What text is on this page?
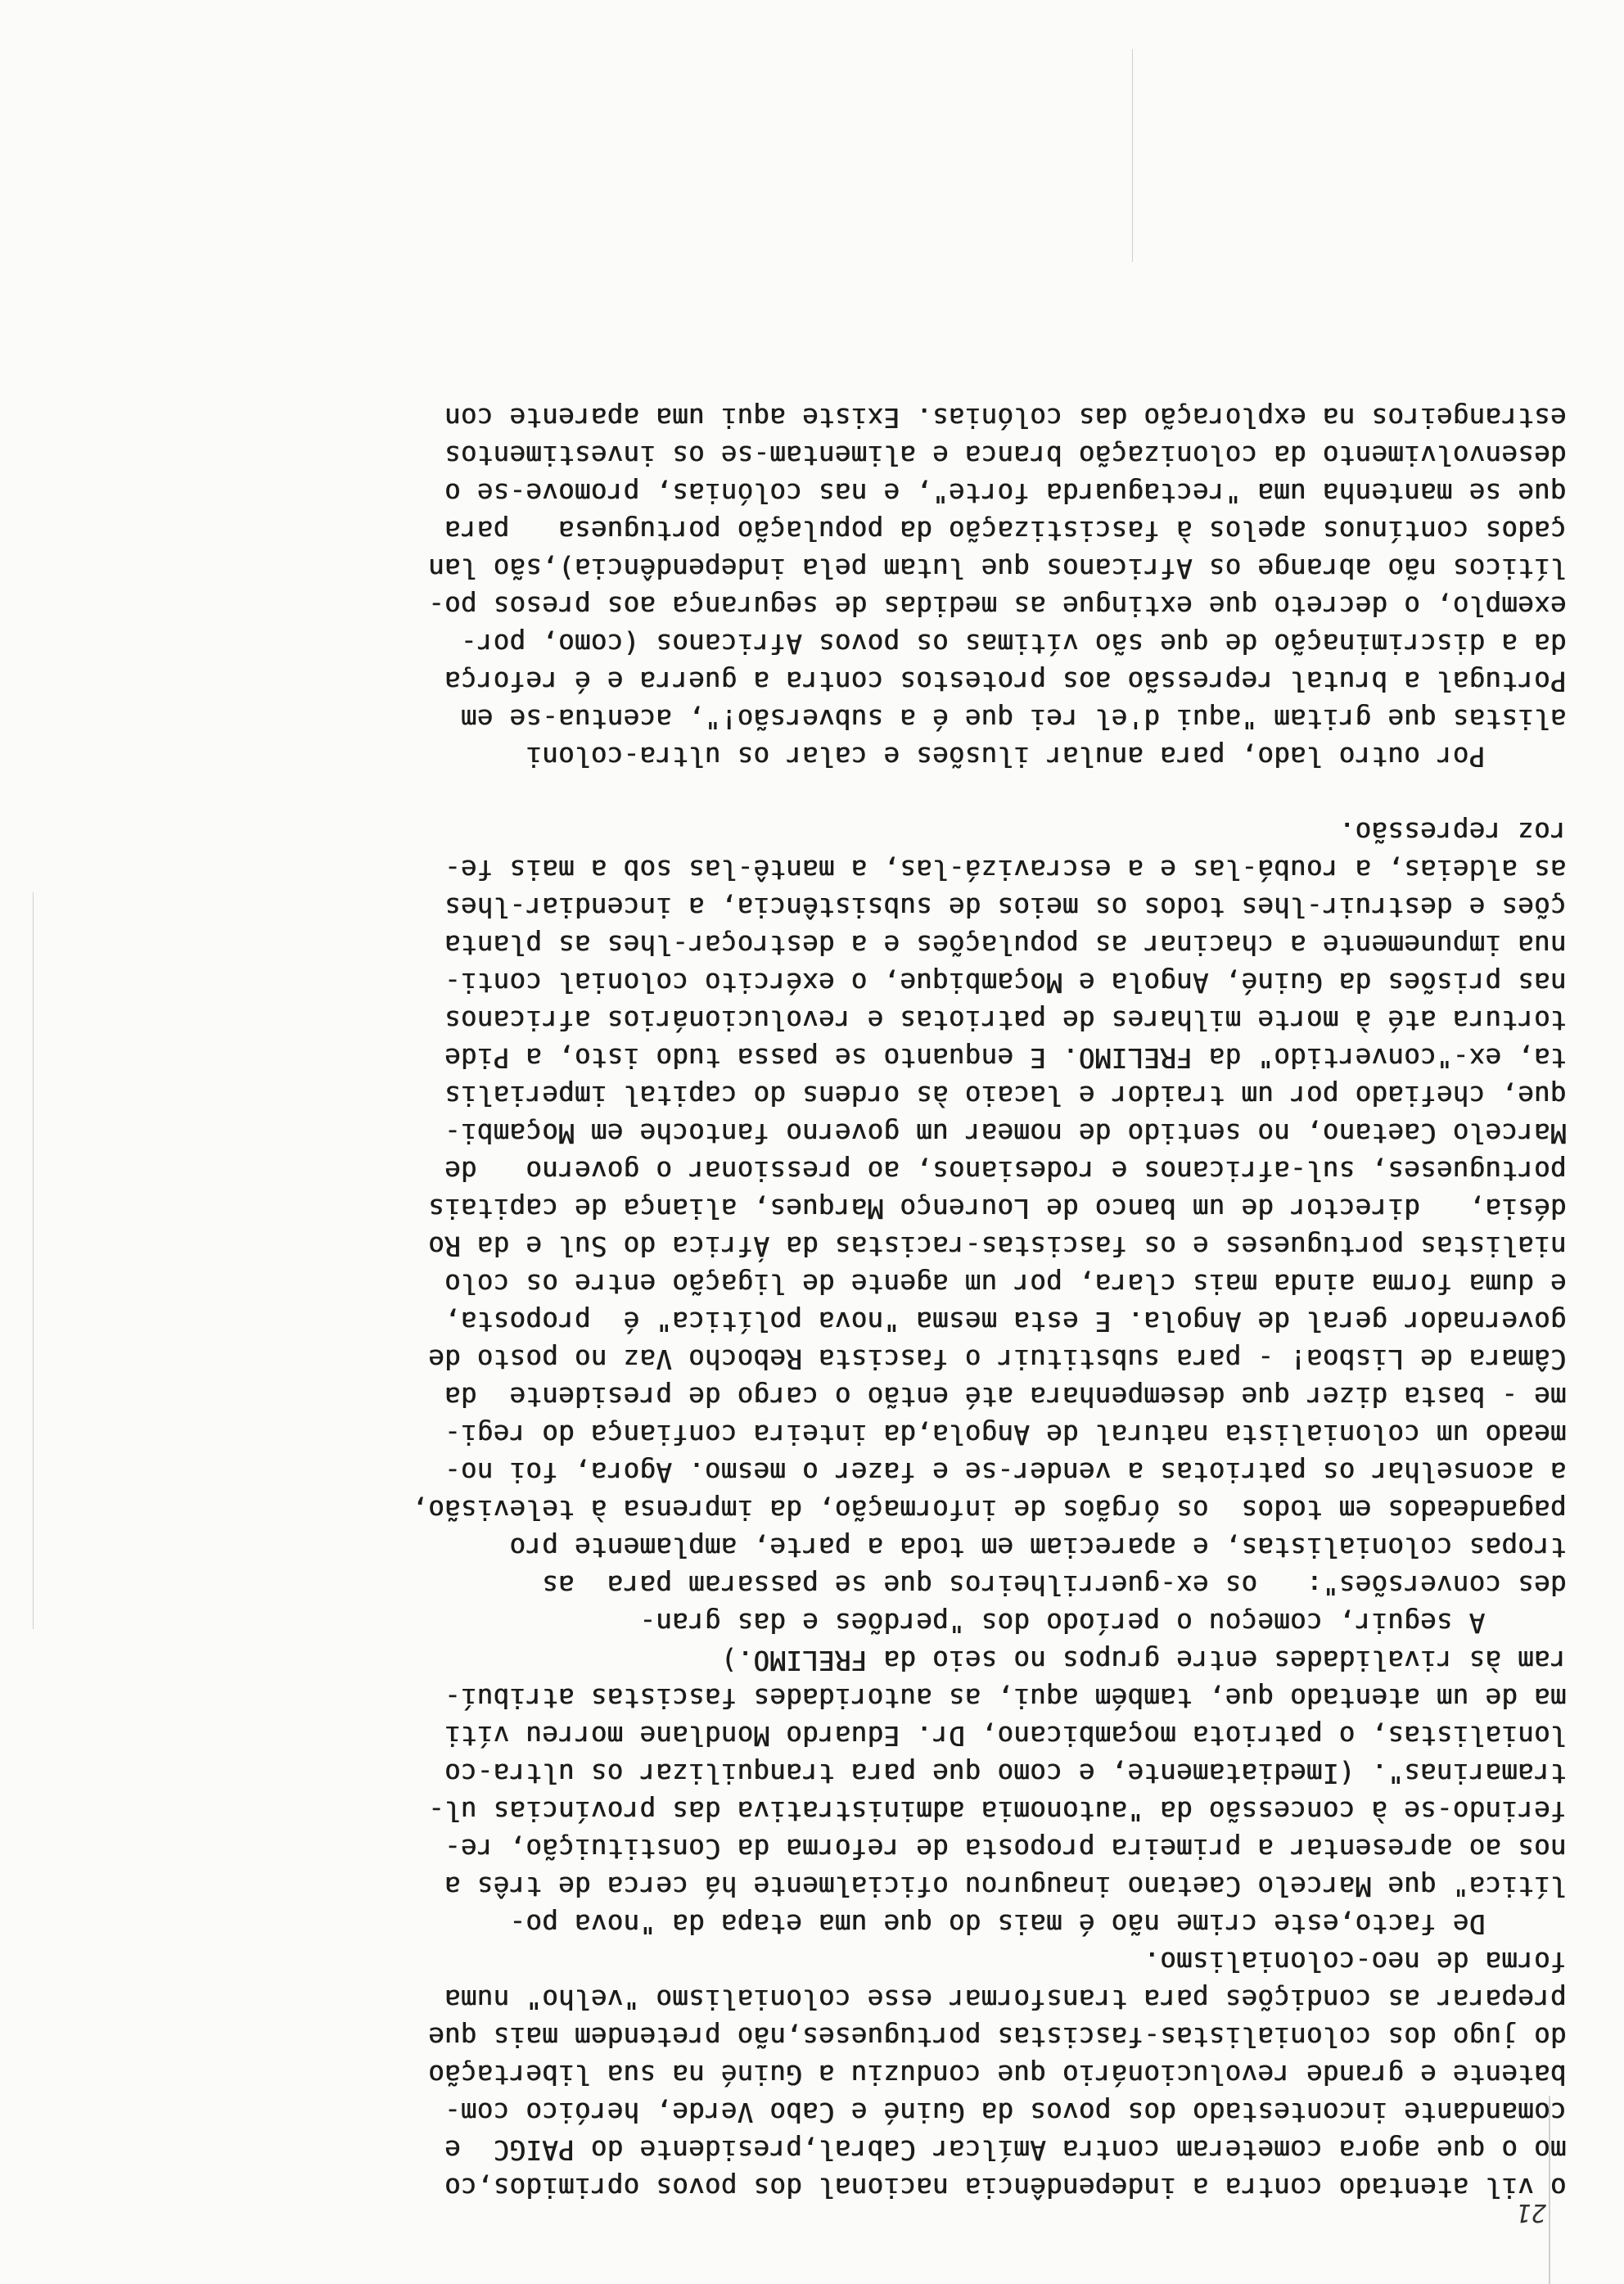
21
o vil atentado contra a independência nacional dos povos oprimidos,co
mo o que agora cometeram contra Amílcar Cabral,presidente do PAIGC  e
comandante incontestado dos povos da Guiné e Cabo Verde, heróico com-
batente e grande revolucionário que conduziu a Guiné na sua libertação
do jugo dos colonialistas-fascistas portugueses,não pretendem mais que
preparar as condições para transformar esse colonialismo "velho" numa
forma de neo-colonialismo.
De facto,este crime não é mais do que uma etapa da "nova po-
lítica" que Marcelo Caetano inaugurou oficialmente há cerca de três a
nos ao apresentar a primeira proposta de reforma da Constituição, re-
ferindo-se à concessão da "autonomia administrativa das províncias ul-
tramarinas". (Imediatamente, e como que para tranquilizar os ultra-co
lonialistas, o patriota moçambicano, Dr. Eduardo Mondlane morreu víti
ma de um atentado que, também aqui, as autoridades fascistas atribuí-
ram às rivalidades entre grupos no seio da FRELIMO.)
A seguir, começou o período dos "perdões e das gran-
des conversões":   os ex-guerrilheiros que se passaram para  as
tropas colonialistas, e apareciam em toda a parte, amplamente pro
pagandeados em todos  os órgãos de informação, da imprensa à televisão,
a aconselhar os patriotas a vender-se e fazer o mesmo. Agora, foi no-
meado um colonialista natural de Angola,da inteira confiança do regi-
me - basta dizer que desempenhara até então o cargo de presidente  da
Câmara de Lisboa! - para substituir o fascista Rebocho Vaz no posto de
governador geral de Angola. E esta mesma "nova política" é  proposta,
e duma forma ainda mais clara, por um agente de ligação entre os colo
nialistas portugueses e os fascistas-racistas da África do Sul e da Ro
désia,   director de um banco de Lourenço Marques, aliança de capitais
portugueses, sul-africanos e rodesianos, ao pressionar o governo   de
Marcelo Caetano, no sentido de nomear um governo fantoche em Moçambi-
que, chefiado por um traidor e lacaio às ordens do capital imperialis
ta, ex-"convertido" da FRELIMO. E enquanto se passa tudo isto, a Pide
tortura até à morte milhares de patriotas e revolucionários africanos
nas prisões da Guiné, Angola e Moçambique, o exército colonial conti-
nua impunemente a chacinar as populações e a destroçar-lhes as planta
ções e destruir-lhes todos os meios de subsistência, a incendiar-lhes
as aldeias, a roubá-las e a escravizá-las, a mantê-las sob a mais fe-
roz repressão.
Por outro lado, para anular ilusões e calar os ultra-coloni
alistas que gritam "aqui d'el rei que é a subversão!", acentua-se em
Portugal a brutal repressão aos protestos contra a guerra e é reforça
da a discriminação de que são vítimas os povos Africanos (como, por-
exemplo, o decreto que extingue as medidas de segurança aos presos po-
líticos não abrange os Africanos que lutam pela independência),são lan
çados contínuos apelos à fascistização da população portuguesa   para
que se mantenha uma "rectaguarda forte", e nas colónias, promove-se o
desenvolvimento da colonização branca e alimentam-se os investimentos
estrangeiros na exploração das colónias. Existe aqui uma aparente con
